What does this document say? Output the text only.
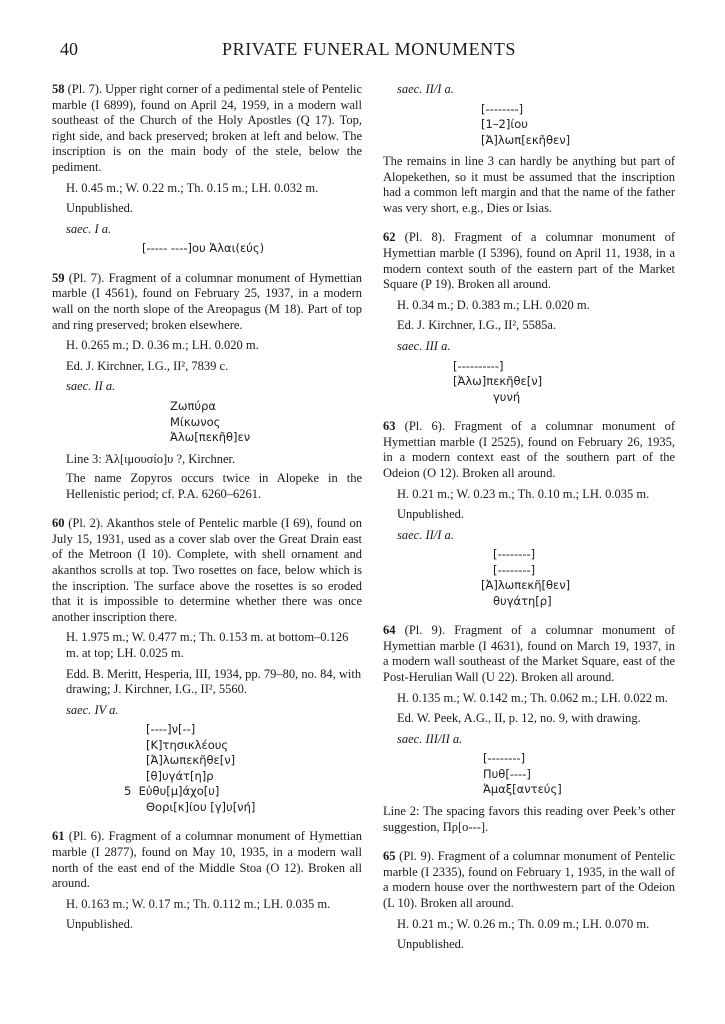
40	PRIVATE FUNERAL MONUMENTS

58 (Pl. 7). Upper right corner of a pedimental stele of Pentelic marble (I 6899), found on April 24, 1959, in a modern wall southeast of the Church of the Holy Apostles (Q 17). Top, right side, and back preserved; broken at left and below. The inscription is on the main body of the stele, below the pediment.

H. 0.45 m.; W. 0.22 m.; Th. 0.15 m.; LH. 0.032 m.
Unpublished.
saec. I a.
[----- ----]ου Ἁλαι(εύς)

59 (Pl. 7). Fragment of a columnar monument of Hymettian marble (I 4561), found on February 25, 1937, in a modern wall on the north slope of the Areopagus (M 18). Part of top and ring preserved; broken elsewhere.

H. 0.265 m.; D. 0.36 m.; LH. 0.020 m.
Ed. J. Kirchner, I.G., II², 7839 c.
saec. II a.
Ζωπύρα
Μίκωνος
Ἀλω[πεκῆθ]εν
Line 3: Ἀλ[ιμουσίο]υ ?, Kirchner.
The name Zopyros occurs twice in Alopeke in the Hellenistic period; cf. P.A. 6260–6261.

60 (Pl. 2). Akanthos stele of Pentelic marble (I 69), found on July 15, 1931, used as a cover slab over the Great Drain east of the Metroon (I 10). Complete, with shell ornament and akanthos scrolls at top. Two rosettes on face, below which is the inscription. The surface above the rosettes is so eroded that it is impossible to determine whether there was once another inscription there.

H. 1.975 m.; W. 0.477 m.; Th. 0.153 m. at bottom–0.126 m. at top; LH. 0.025 m.
Edd. B. Meritt, Hesperia, III, 1934, pp. 79–80, no. 84, with drawing; J. Kirchner, I.G., II², 5560.
saec. IV a.
[----]ν[--]
[Κ]τησικλέους
[Ἀ]λωπεκῆθε[ν]
[θ]υγάτ[η]ρ
5  Εὐθυ[μ]άχο[υ]
Θορι[κ]ίου [γ]υ[νή]

61 (Pl. 6). Fragment of a columnar monument of Hymettian marble (I 2877), found on May 10, 1935, in a modern wall north of the east end of the Middle Stoa (O 12). Broken all around.

H. 0.163 m.; W. 0.17 m.; Th. 0.112 m.; LH. 0.035 m.
Unpublished.
saec. II/I a.
[--------]
[1–2]ίου
[Ἀ]λωπ[εκῆθεν]

The remains in line 3 can hardly be anything but part of Alopekethen, so it must be assumed that the inscription had a common left margin and that the name of the father was very short, e.g., Dies or Isias.

62 (Pl. 8). Fragment of a columnar monument of Hymettian marble (I 5396), found on April 11, 1938, in a modern context south of the eastern part of the Market Square (P 19). Broken all around.

H. 0.34 m.; D. 0.383 m.; LH. 0.020 m.
Ed. J. Kirchner, I.G., II², 5585a.
saec. III a.
[----------]
[Ἀλω]πεκῆθε[ν]
γυνή

63 (Pl. 6). Fragment of a columnar monument of Hymettian marble (I 2525), found on February 26, 1935, in a modern context east of the southern part of the Odeion (O 12). Broken all around.

H. 0.21 m.; W. 0.23 m.; Th. 0.10 m.; LH. 0.035 m.
Unpublished.
saec. II/I a.
[--------]
[--------]
[Ἀ]λωπεκῆ[θεν]
θυγάτη[ρ]

64 (Pl. 9). Fragment of a columnar monument of Hymettian marble (I 4631), found on March 19, 1937, in a modern wall southeast of the Market Square, east of the Post-Herulian Wall (U 22). Broken all around.

H. 0.135 m.; W. 0.142 m.; Th. 0.062 m.; LH. 0.022 m.
Ed. W. Peek, A.G., II, p. 12, no. 9, with drawing.
saec. III/II a.
[--------]
Πυθ[----]
Ἀμαξ[αντεύς]
Line 2: The spacing favors this reading over Peek’s other suggestion, Πρ[ο---].

65 (Pl. 9). Fragment of a columnar monument of Pentelic marble (I 2335), found on February 1, 1935, in the wall of a modern house over the northwestern part of the Odeion (L 10). Broken all around.

H. 0.21 m.; W. 0.26 m.; Th. 0.09 m.; LH. 0.070 m.
Unpublished.
